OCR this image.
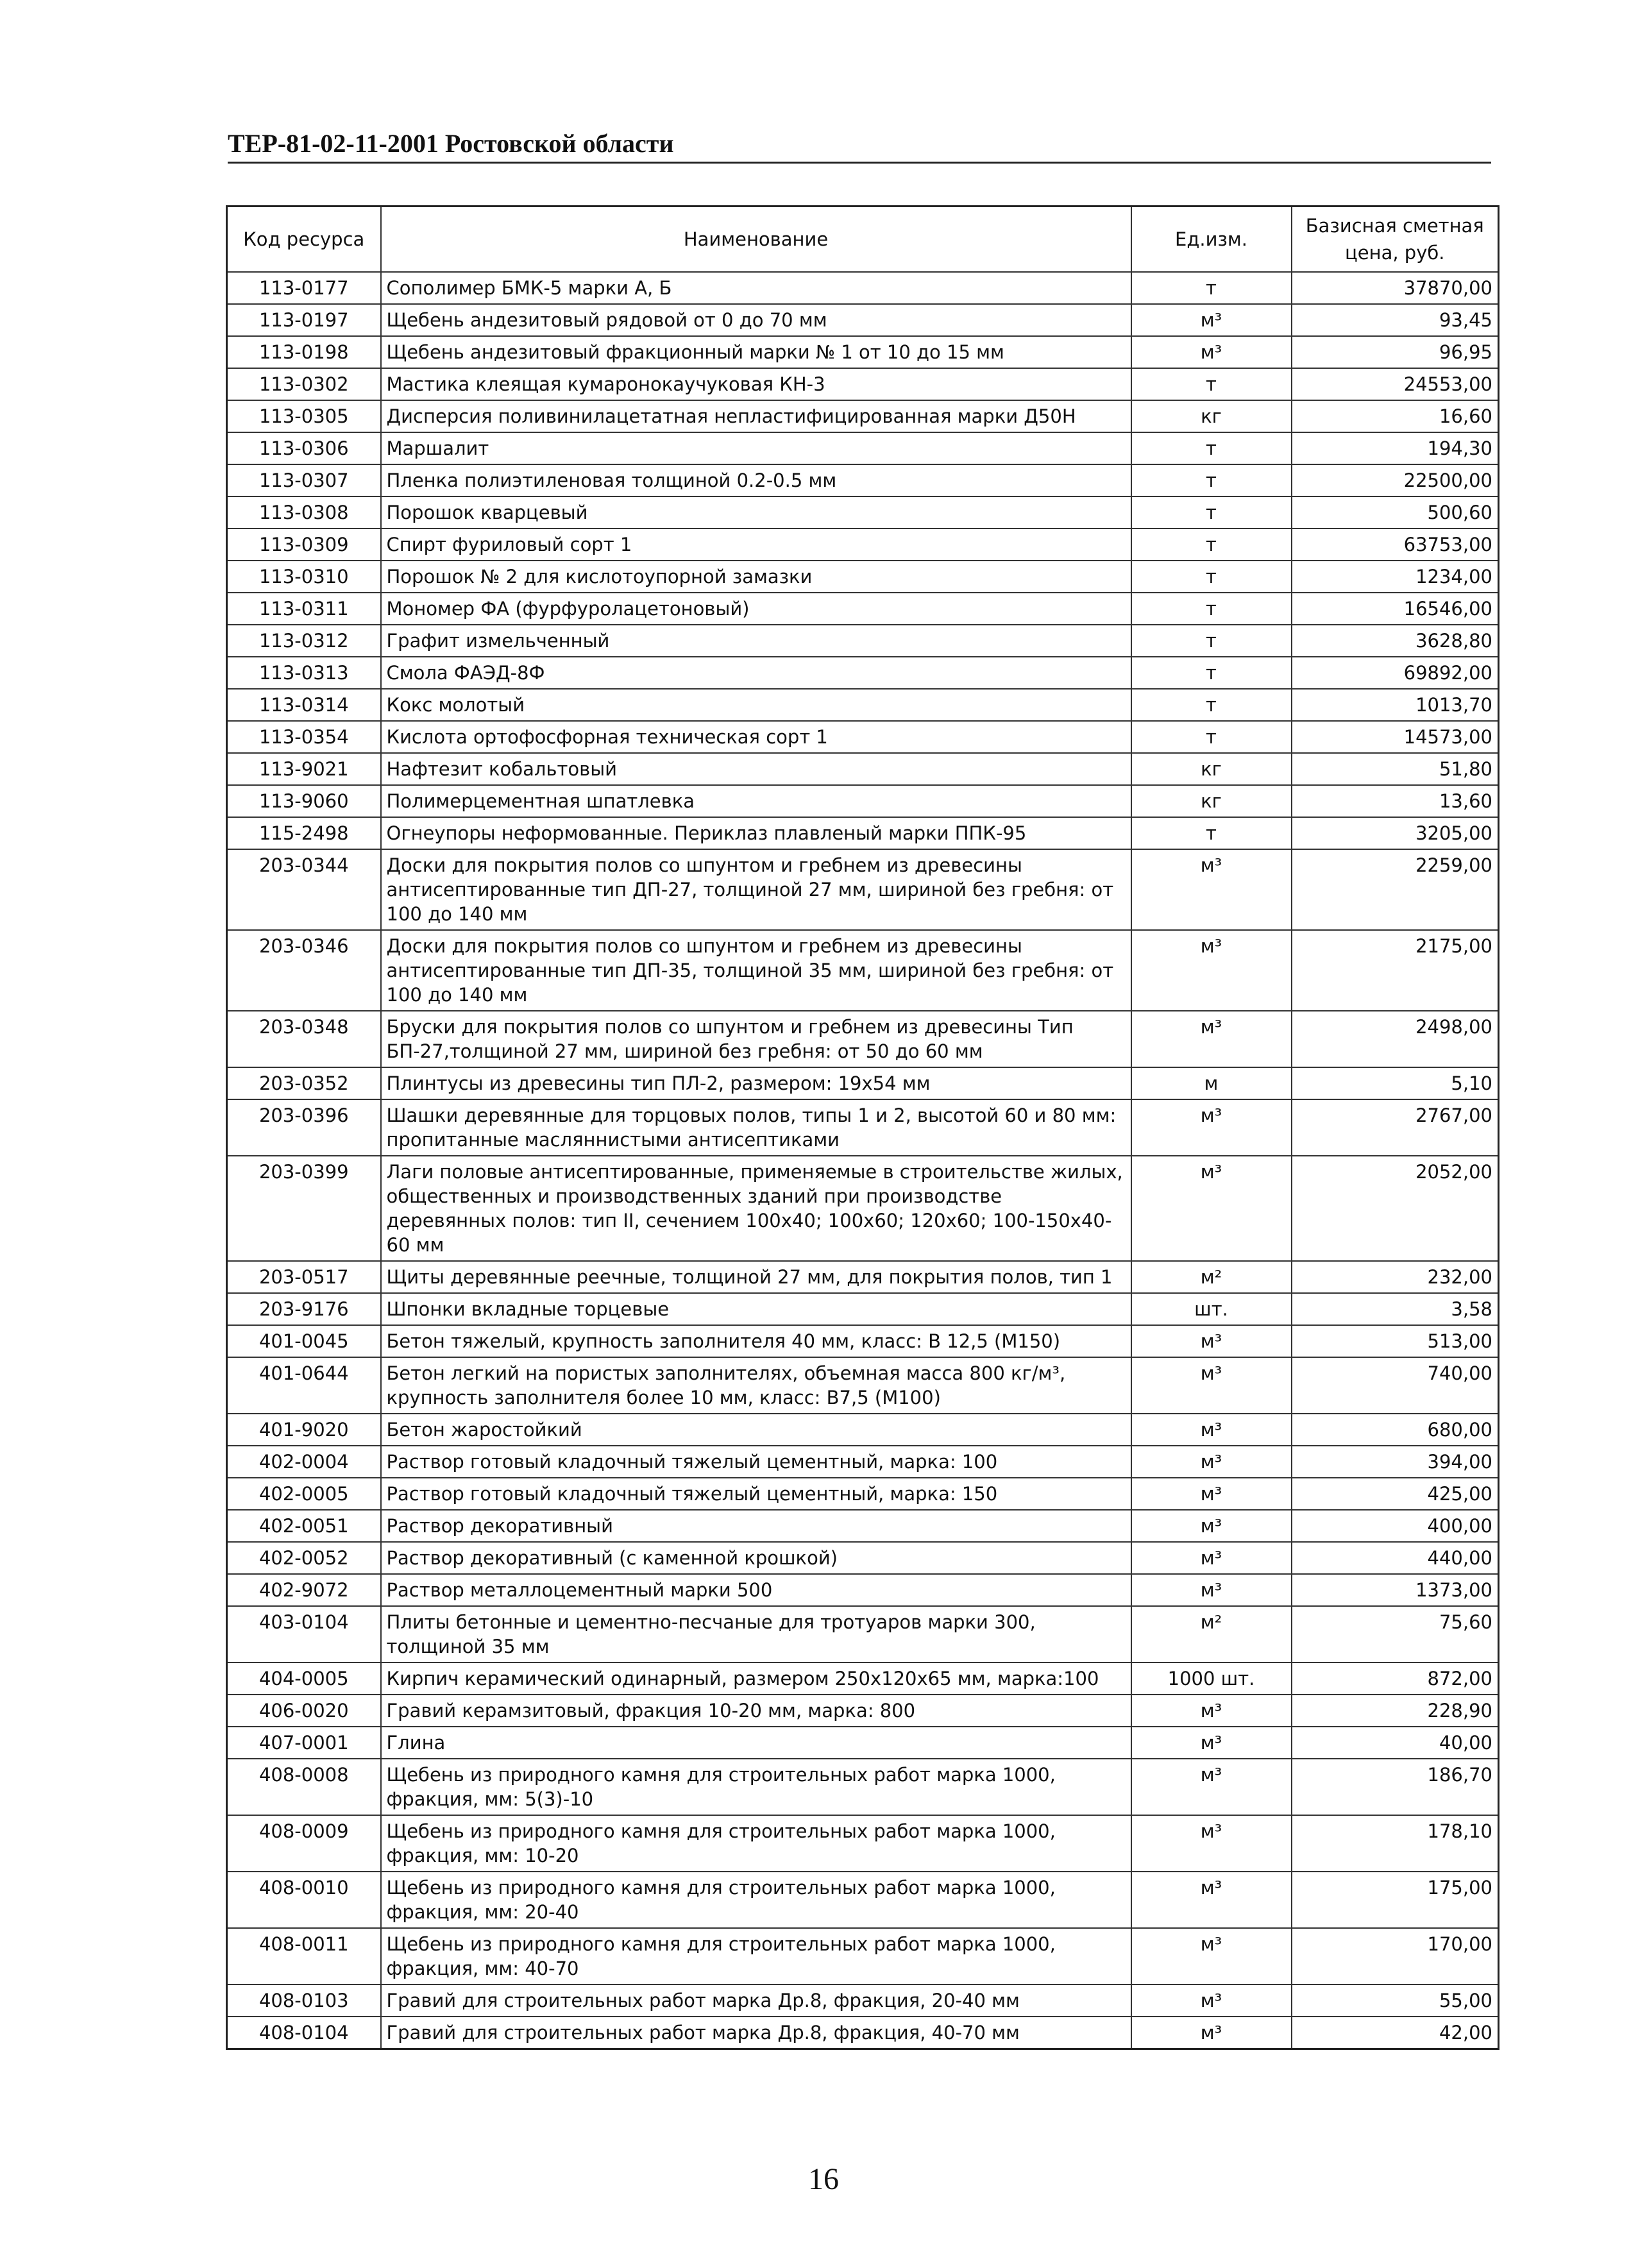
ТЕР-81-02-11-2001 Ростовской области
Код ресурса	Наименование	Ед.изм.	Базисная сметная цена, руб.
113-0177	Сополимер БМК-5 марки А, Б	т	37870,00
113-0197	Щебень андезитовый рядовой от 0 до 70 мм	м³	93,45
113-0198	Щебень андезитовый фракционный марки № 1 от 10 до 15 мм	м³	96,95
113-0302	Мастика клеящая кумаронокаучуковая КН-3	т	24553,00
113-0305	Дисперсия поливинилацетатная непластифицированная марки Д50Н	кг	16,60
113-0306	Маршалит	т	194,30
113-0307	Пленка полиэтиленовая толщиной 0.2-0.5 мм	т	22500,00
113-0308	Порошок кварцевый	т	500,60
113-0309	Спирт фуриловый сорт 1	т	63753,00
113-0310	Порошок № 2 для кислотоупорной замазки	т	1234,00
113-0311	Мономер ФА (фурфуролацетоновый)	т	16546,00
113-0312	Графит измельченный	т	3628,80
113-0313	Смола ФАЭД-8Ф	т	69892,00
113-0314	Кокс молотый	т	1013,70
113-0354	Кислота ортофосфорная техническая сорт 1	т	14573,00
113-9021	Нафтезит кобальтовый	кг	51,80
113-9060	Полимерцементная шпатлевка	кг	13,60
115-2498	Огнеупоры неформованные. Периклаз плавленый марки ППК-95	т	3205,00
203-0344	Доски для покрытия полов со шпунтом и гребнем из древесины антисептированные тип ДП-27, толщиной 27 мм, шириной без гребня: от 100 до 140 мм	м³	2259,00
203-0346	Доски для покрытия полов со шпунтом и гребнем из древесины антисептированные тип ДП-35, толщиной 35 мм, шириной без гребня: от 100 до 140 мм	м³	2175,00
203-0348	Бруски для покрытия полов со шпунтом и гребнем из древесины Тип БП-27,толщиной 27 мм, шириной без гребня: от 50 до 60 мм	м³	2498,00
203-0352	Плинтусы из древесины тип ПЛ-2, размером: 19х54 мм	м	5,10
203-0396	Шашки деревянные для торцовых полов, типы 1 и 2, высотой 60 и 80 мм: пропитанные масляннистыми антисептиками	м³	2767,00
203-0399	Лаги половые антисептированные, применяемые в строительстве жилых, общественных и производственных зданий при производстве деревянных полов: тип II, сечением 100х40; 100х60; 120х60; 100-150х40-60 мм	м³	2052,00
203-0517	Щиты деревянные реечные, толщиной 27 мм, для покрытия полов, тип 1	м²	232,00
203-9176	Шпонки вкладные торцевые	шт.	3,58
401-0045	Бетон тяжелый, крупность заполнителя 40 мм, класс: В 12,5 (М150)	м³	513,00
401-0644	Бетон легкий на пористых заполнителях, объемная масса 800 кг/м³, крупность заполнителя более 10 мм, класс: В7,5 (М100)	м³	740,00
401-9020	Бетон жаростойкий	м³	680,00
402-0004	Раствор готовый кладочный тяжелый цементный, марка: 100	м³	394,00
402-0005	Раствор готовый кладочный тяжелый цементный, марка: 150	м³	425,00
402-0051	Раствор декоративный	м³	400,00
402-0052	Раствор декоративный (с каменной крошкой)	м³	440,00
402-9072	Раствор металлоцементный марки 500	м³	1373,00
403-0104	Плиты бетонные и цементно-песчаные для тротуаров марки 300, толщиной 35 мм	м²	75,60
404-0005	Кирпич керамический одинарный, размером 250х120х65 мм, марка:100	1000 шт.	872,00
406-0020	Гравий керамзитовый, фракция 10-20 мм, марка: 800	м³	228,90
407-0001	Глина	м³	40,00
408-0008	Щебень из природного камня для строительных работ марка 1000, фракция, мм: 5(3)-10	м³	186,70
408-0009	Щебень из природного камня для строительных работ марка 1000, фракция, мм: 10-20	м³	178,10
408-0010	Щебень из природного камня для строительных работ марка 1000, фракция, мм: 20-40	м³	175,00
408-0011	Щебень из природного камня для строительных работ марка 1000, фракция, мм: 40-70	м³	170,00
408-0103	Гравий для строительных работ марка Др.8, фракция, 20-40 мм	м³	55,00
408-0104	Гравий для строительных работ марка Др.8, фракция, 40-70 мм	м³	42,00
16
